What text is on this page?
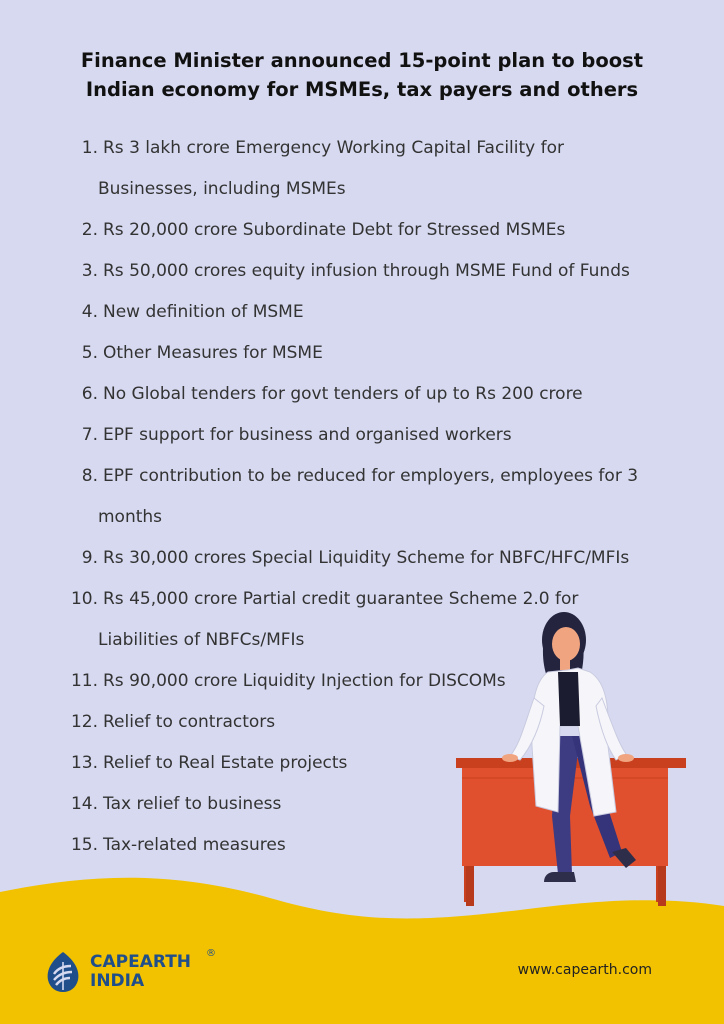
Finance Minister announced 15-point plan to boost
Indian economy for MSMEs, tax payers and others
1. Rs 3 lakh crore Emergency Working Capital Facility for
Businesses, including MSMEs
2. Rs 20,000 crore Subordinate Debt for Stressed MSMEs
3. Rs 50,000 crores equity infusion through MSME Fund of Funds
4. New definition of MSME
5. Other Measures for MSME
6. No Global tenders for govt tenders of up to Rs 200 crore
7. EPF support for business and organised workers
8. EPF contribution to be reduced for employers, employees for 3
months
9. Rs 30,000 crores Special Liquidity Scheme for NBFC/HFC/MFIs
10. Rs 45,000 crore Partial credit guarantee Scheme 2.0 for
Liabilities of NBFCs/MFIs
11. Rs 90,000 crore Liquidity Injection for DISCOMs
12. Relief to contractors
13. Relief to Real Estate projects
14. Tax relief to business
15. Tax-related measures
CAPEARTH
INDIA
®
www.capearth.com
